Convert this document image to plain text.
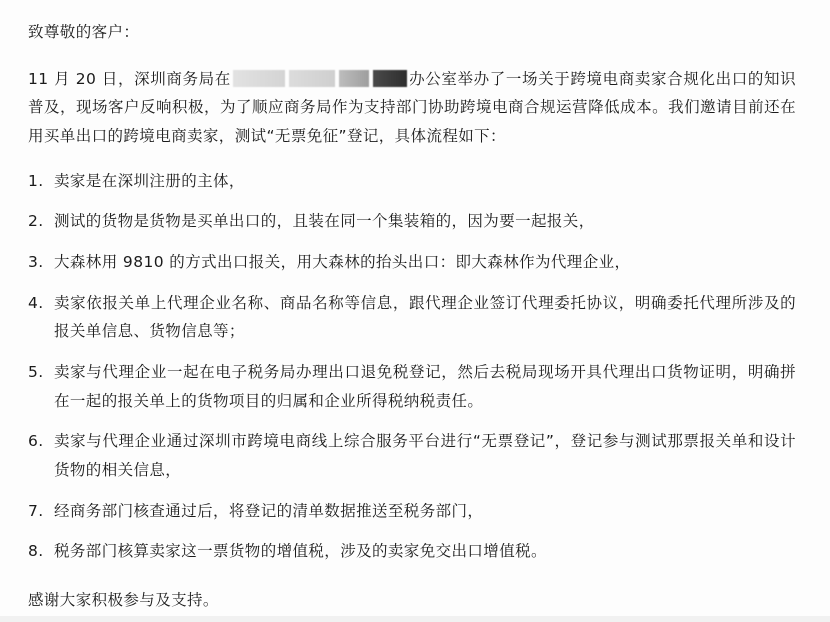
致尊敬的客户：

11 月 20 日，深圳商务局在	办公室举办了一场关于跨境电商卖家合规化出口的知识普及，现场客户反响积极，为了顺应商务局作为支持部门协助跨境电商合规运营降低成本。我们邀请目前还在用买单出口的跨境电商卖家，测试“无票免征”登记，具体流程如下：

1. 卖家是在深圳注册的主体，
2. 测试的货物是货物是买单出口的，且装在同一个集装箱的，因为要一起报关，
3. 大森林用 9810 的方式出口报关，用大森林的抬头出口：即大森林作为代理企业，
4. 卖家依报关单上代理企业名称、商品名称等信息，跟代理企业签订代理委托协议，明确委托代理所涉及的报关单信息、货物信息等；
5. 卖家与代理企业一起在电子税务局办理出口退免税登记，然后去税局现场开具代理出口货物证明，明确拼在一起的报关单上的货物项目的归属和企业所得税纳税责任。
6. 卖家与代理企业通过深圳市跨境电商线上综合服务平台进行“无票登记”，登记参与测试那票报关单和设计货物的相关信息，
7. 经商务部门核查通过后，将登记的清单数据推送至税务部门，
8. 税务部门核算卖家这一票货物的增值税，涉及的卖家免交出口增值税。

感谢大家积极参与及支持。
